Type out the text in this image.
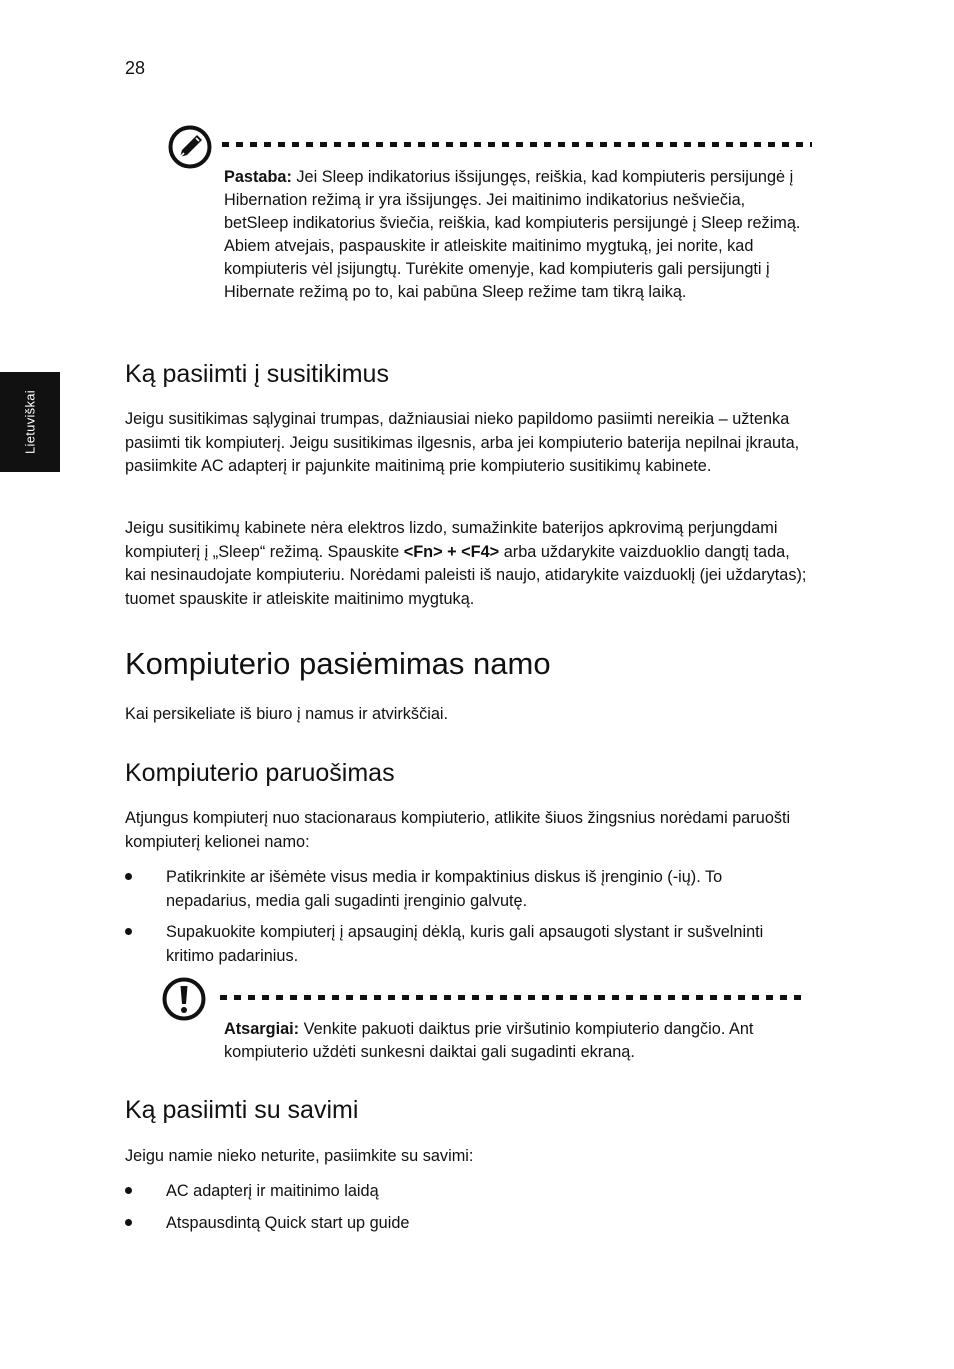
28
Lietuviškai
Pastaba: Jei Sleep indikatorius išsijungęs, reiškia, kad kompiuteris persijungė į Hibernation režimą ir yra išsijungęs. Jei maitinimo indikatorius nešviečia, betSleep indikatorius šviečia, reiškia, kad kompiuteris persijungė į Sleep režimą. Abiem atvejais, paspauskite ir atleiskite maitinimo mygtuką, jei norite, kad kompiuteris vėl įsijungtų. Turėkite omenyje, kad kompiuteris gali persijungti į Hibernate režimą po to, kai pabūna Sleep režime tam tikrą laiką.
Ką pasiimti į susitikimus

Jeigu susitikimas sąlyginai trumpas, dažniausiai nieko papildomo pasiimti nereikia – užtenka pasiimti tik kompiuterį. Jeigu susitikimas ilgesnis, arba jei kompiuterio baterija nepilnai įkrauta, pasiimkite AC adapterį ir pajunkite maitinimą prie kompiuterio susitikimų kabinete.

Jeigu susitikimų kabinete nėra elektros lizdo, sumažinkite baterijos apkrovimą perjungdami kompiuterį į „Sleep“ režimą. Spauskite <Fn> + <F4> arba uždarykite vaizduoklio dangtį tada, kai nesinaudojate kompiuteriu. Norėdami paleisti iš naujo, atidarykite vaizduoklį (jei uždarytas); tuomet spauskite ir atleiskite maitinimo mygtuką.

Kompiuterio pasiėmimas namo

Kai persikeliate iš biuro į namus ir atvirkščiai.

Kompiuterio paruošimas

Atjungus kompiuterį nuo stacionaraus kompiuterio, atlikite šiuos žingsnius norėdami paruošti kompiuterį kelionei namo:

Patikrinkite ar išėmėte visus media ir kompaktinius diskus iš įrenginio (-ių). To nepadarius, media gali sugadinti įrenginio galvutę.
Supakuokite kompiuterį į apsauginį dėklą, kuris gali apsaugoti slystant ir sušvelninti kritimo padarinius.
Atsargiai: Venkite pakuoti daiktus prie viršutinio kompiuterio dangčio. Ant kompiuterio uždėti sunkesni daiktai gali sugadinti ekraną.
Ką pasiimti su savimi

Jeigu namie nieko neturite, pasiimkite su savimi:

AC adapterį ir maitinimo laidą
Atspausdintą Quick start up guide
